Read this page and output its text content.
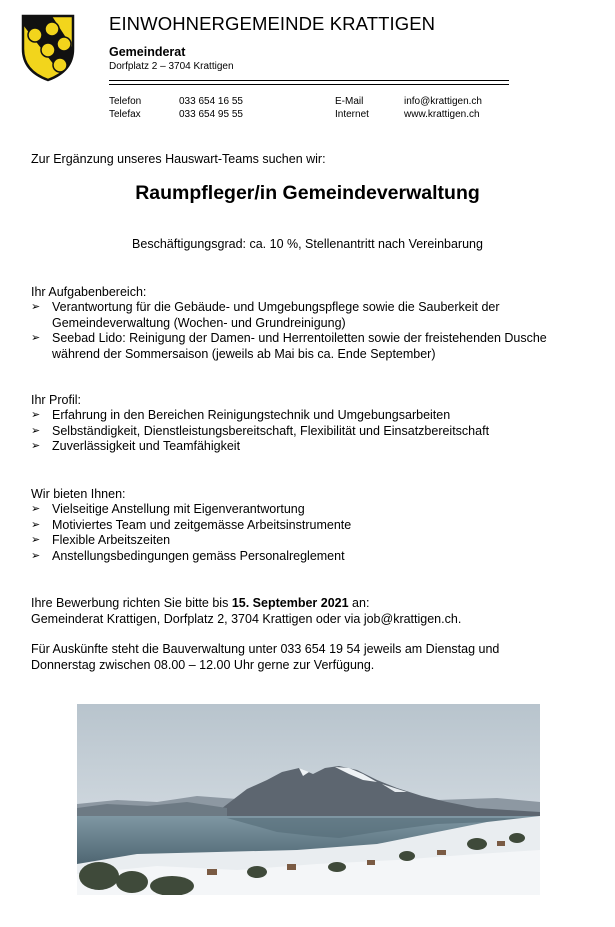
EINWOHNERGEMEINDE KRATTIGEN
Gemeinderat
Dorfplatz 2 – 3704 Krattigen
Telefon	033 654 16 55
Telefax	033 654 95 55
E-Mail	info@krattigen.ch
Internet	www.krattigen.ch
Zur Ergänzung unseres Hauswart-Teams suchen wir:
Raumpfleger/in Gemeindeverwaltung
Beschäftigungsgrad: ca. 10 %, Stellenantritt nach Vereinbarung
Ihr Aufgabenbereich:
➢ Verantwortung für die Gebäude- und Umgebungspflege sowie die Sauberkeit der
Gemeindeverwaltung (Wochen- und Grundreinigung)
➢ Seebad Lido: Reinigung der Damen- und Herrentoiletten sowie der freistehenden Dusche
während der Sommersaison (jeweils ab Mai bis ca. Ende September)
Ihr Profil:
➢ Erfahrung in den Bereichen Reinigungstechnik und Umgebungsarbeiten
➢ Selbständigkeit, Dienstleistungsbereitschaft, Flexibilität und Einsatzbereitschaft
➢ Zuverlässigkeit und Teamfähigkeit
Wir bieten Ihnen:
➢ Vielseitige Anstellung mit Eigenverantwortung
➢ Motiviertes Team und zeitgemässe Arbeitsinstrumente
➢ Flexible Arbeitszeiten
➢ Anstellungsbedingungen gemäss Personalreglement
Ihre Bewerbung richten Sie bitte bis 15. September 2021 an:
Gemeinderat Krattigen, Dorfplatz 2, 3704 Krattigen oder via job@krattigen.ch.
Für Auskünfte steht die Bauverwaltung unter 033 654 19 54 jeweils am Dienstag und
Donnerstag zwischen 08.00 – 12.00 Uhr gerne zur Verfügung.
